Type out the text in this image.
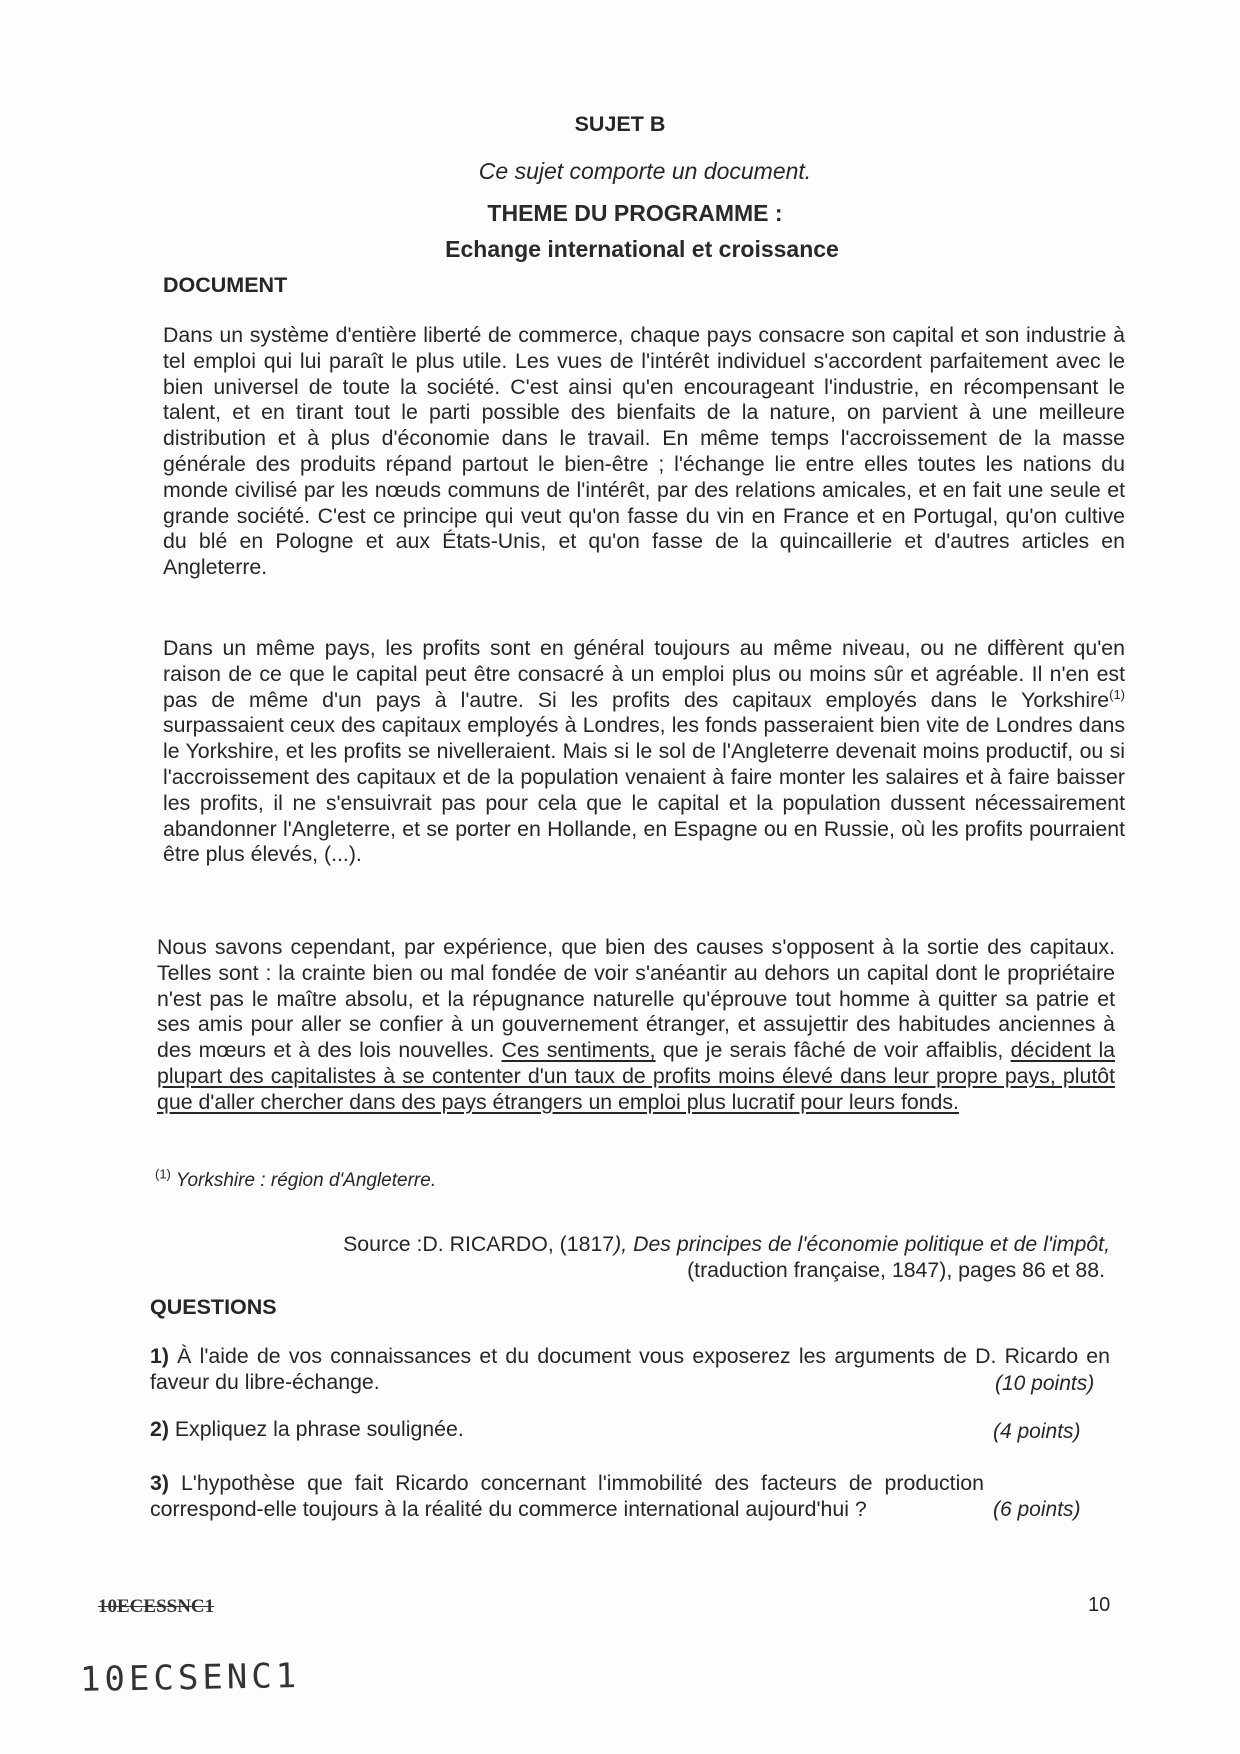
SUJET B
Ce sujet comporte un document.
THEME DU PROGRAMME :
Echange international et croissance
DOCUMENT

Dans un système d'entière liberté de commerce, chaque pays consacre son capital et son industrie à tel emploi qui lui paraît le plus utile. Les vues de l'intérêt individuel s'accordent parfaitement avec le bien universel de toute la société. C'est ainsi qu'en encourageant l'industrie, en récompensant le talent, et en tirant tout le parti possible des bienfaits de la nature, on parvient à une meilleure distribution et à plus d'économie dans le travail. En même temps l'accroissement de la masse générale des produits répand partout le bien-être ; l'échange lie entre elles toutes les nations du monde civilisé par les nœuds communs de l'intérêt, par des relations amicales, et en fait une seule et grande société. C'est ce principe qui veut qu'on fasse du vin en France et en Portugal, qu'on cultive du blé en Pologne et aux États-Unis, et qu'on fasse de la quincaillerie et d'autres articles en Angleterre.

Dans un même pays, les profits sont en général toujours au même niveau, ou ne diffèrent qu'en raison de ce que le capital peut être consacré à un emploi plus ou moins sûr et agréable. Il n'en est pas de même d'un pays à l'autre. Si les profits des capitaux employés dans le Yorkshire$^{(1)}$ surpassaient ceux des capitaux employés à Londres, les fonds passeraient bien vite de Londres dans le Yorkshire, et les profits se nivelleraient. Mais si le sol de l'Angleterre devenait moins productif, ou si l'accroissement des capitaux et de la population venaient à faire monter les salaires et à faire baisser les profits, il ne s'ensuivrait pas pour cela que le capital et la population dussent nécessairement abandonner l'Angleterre, et se porter en Hollande, en Espagne ou en Russie, où les profits pourraient être plus élevés, (...).

Nous savons cependant, par expérience, que bien des causes s'opposent à la sortie des capitaux. Telles sont : la crainte bien ou mal fondée de voir s'anéantir au dehors un capital dont le propriétaire n'est pas le maître absolu, et la répugnance naturelle qu'éprouve tout homme à quitter sa patrie et ses amis pour aller se confier à un gouvernement étranger, et assujettir des habitudes anciennes à des mœurs et à des lois nouvelles. Ces sentiments, que je serais fâché de voir affaiblis, décident la plupart des capitalistes à se contenter d'un taux de profits moins élevé dans leur propre pays, plutôt que d'aller chercher dans des pays étrangers un emploi plus lucratif pour leurs fonds.

$^{(1)}$ Yorkshire : région d'Angleterre.
Source :D. RICARDO, (1817), Des principes de l'économie politique et de l'impôt,
(traduction française, 1847), pages 86 et 88.
QUESTIONS
1) À l'aide de vos connaissances et du document vous exposerez les arguments de D. Ricardo en faveur du libre-échange.	(10 points)
2) Expliquez la phrase soulignée.	(4 points)
3) L'hypothèse que fait Ricardo concernant l'immobilité des facteurs de production correspond-elle toujours à la réalité du commerce international aujourd'hui ?	(6 points)
10ECESSNC1
10ECSENC1
10
